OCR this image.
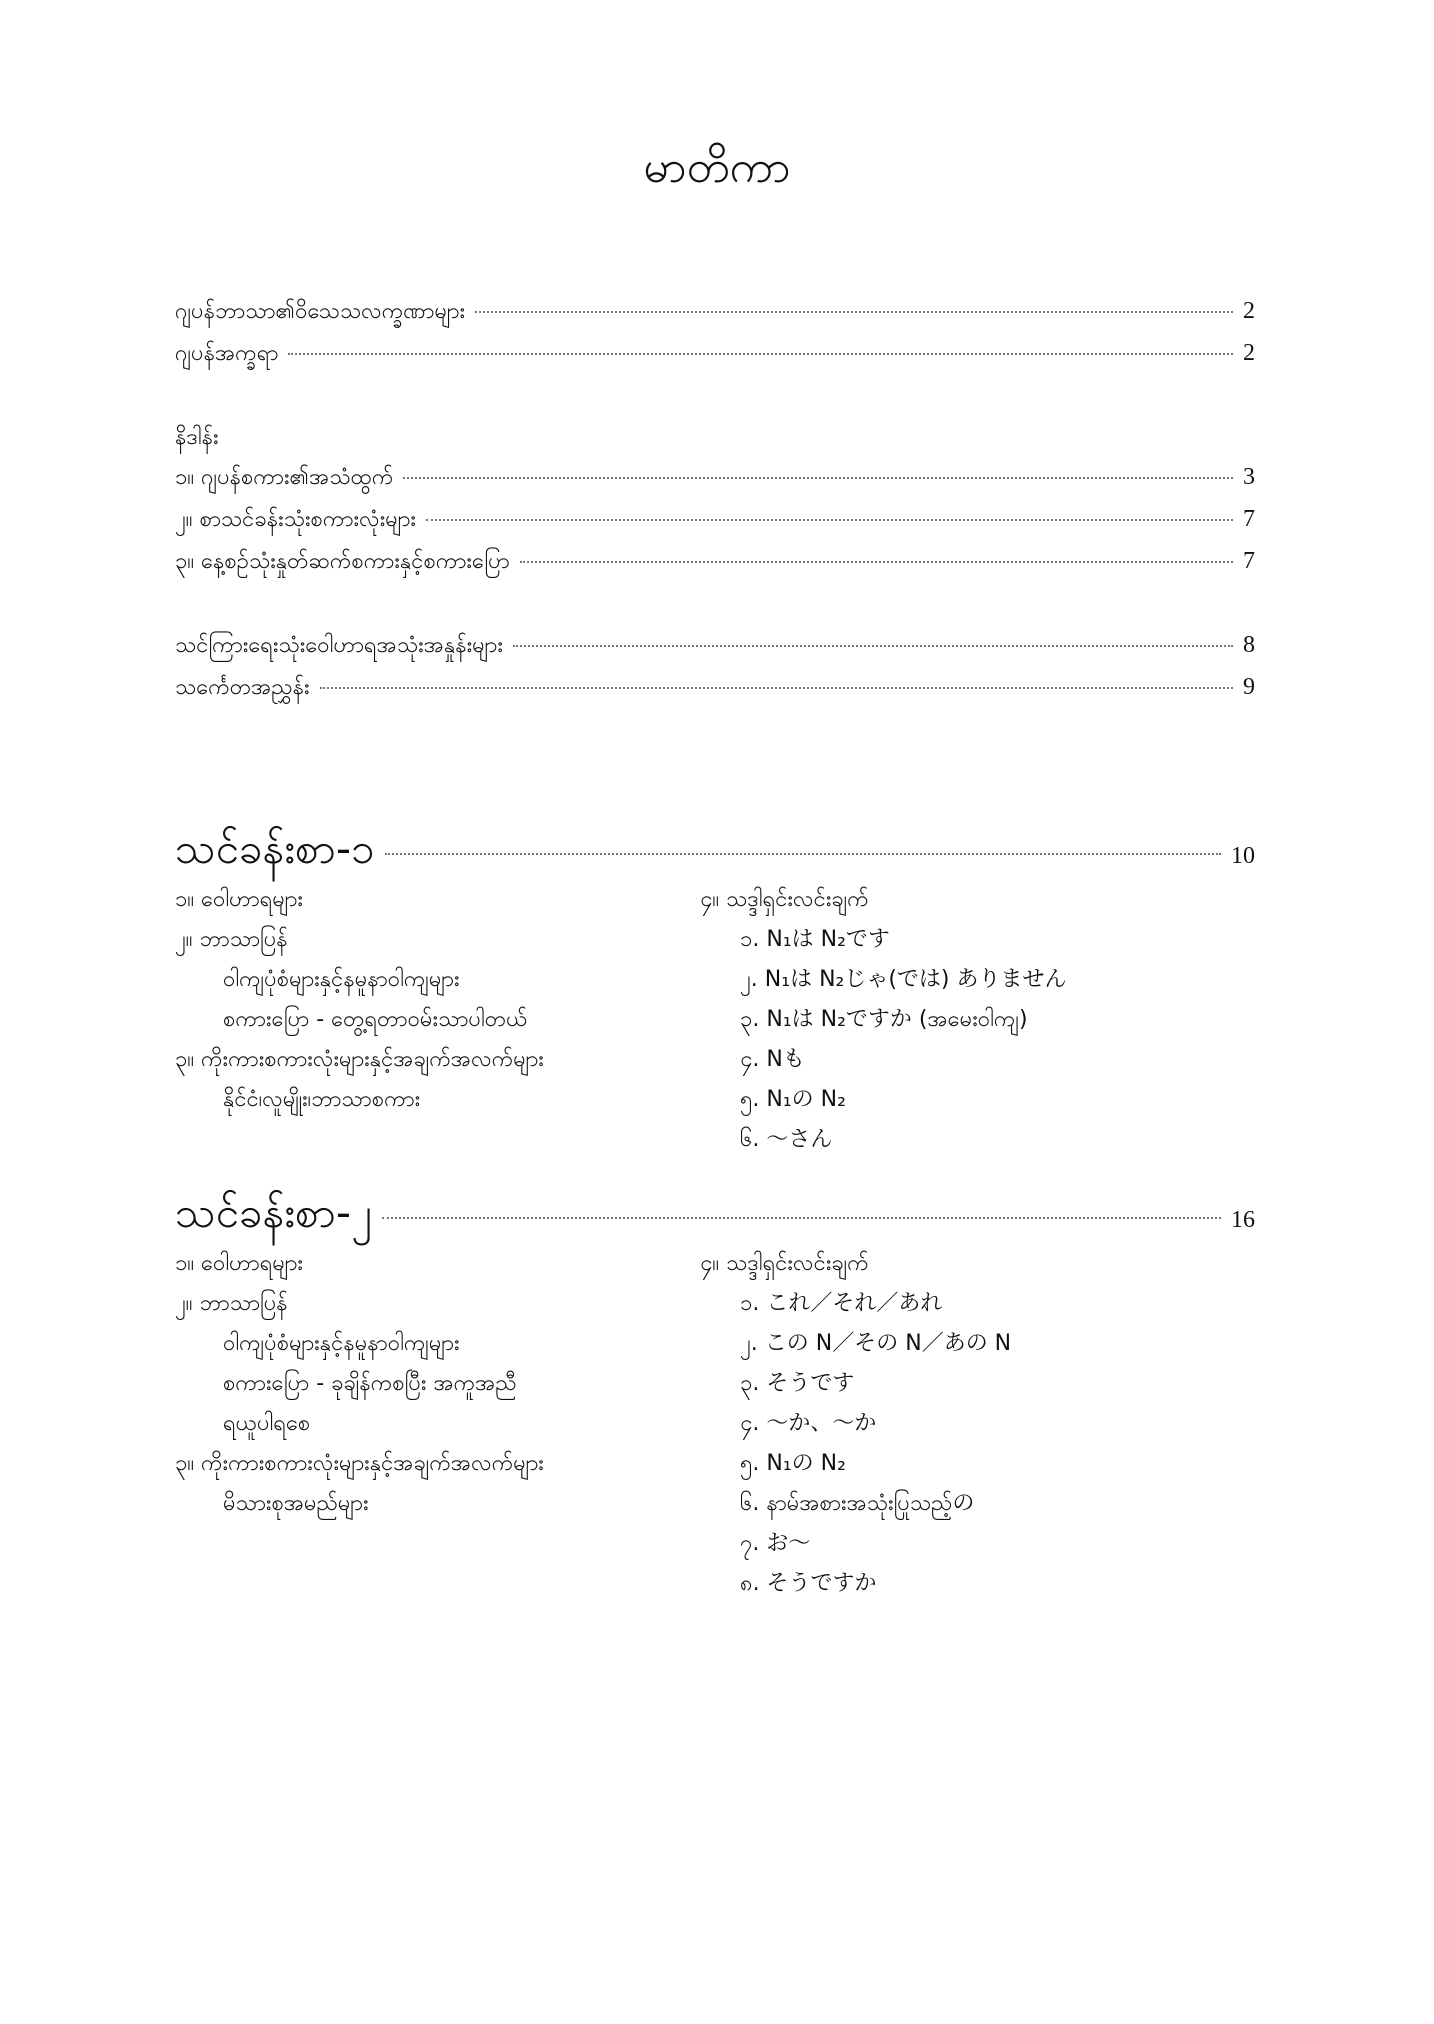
မာတိကာ
ဂျပန်ဘာသာ၏ဝိသေသလက္ခဏာများ	2
ဂျပန်အက္ခရာ	2
နိဒါန်း
၁။ ဂျပန်စကား၏အသံထွက်	3
၂။ စာသင်ခန်းသုံးစကားလုံးများ	7
၃။ နေ့စဉ်သုံးနှုတ်ဆက်စကားနှင့်စကားပြော	7
သင်ကြားရေးသုံးဝေါဟာရအသုံးအနှုန်းများ	8
သင်္ကေတအညွှန်း	9
သင်ခန်းစာ-၁	10
၁။ ဝေါဟာရများ
၂။ ဘာသာပြန်
ဝါကျပုံစံများနှင့်နမူနာဝါကျများ
စကားပြော - တွေ့ရတာဝမ်းသာပါတယ်
၃။ ကိုးကားစကားလုံးများနှင့်အချက်အလက်များ
နိုင်ငံ၊လူမျိုး၊ဘာသာစကား
၄။ သဒ္ဒါရှင်းလင်းချက်
၁. N₁は N₂です
၂. N₁は N₂じゃ(では) ありません
၃. N₁は N₂ですか (အမေးဝါကျ)
၄. Nも
၅. N₁の N₂
၆. ～さん
သင်ခန်းစာ-၂	16
၁။ ဝေါဟာရများ
၂။ ဘာသာပြန်
ဝါကျပုံစံများနှင့်နမူနာဝါကျများ
စကားပြော - ခုချိန်ကစပြီး အကူအညီ
ရယူပါရစေ
၃။ ကိုးကားစကားလုံးများနှင့်အချက်အလက်များ
မိသားစုအမည်များ
၄။ သဒ္ဒါရှင်းလင်းချက်
၁. これ／それ／あれ
၂. この N／その N／あの N
၃. そうです
၄. ～か、～か
၅. N₁の N₂
၆. နာမ်အစားအသုံးပြုသည့်の
၇. お～
၈. そうですか
